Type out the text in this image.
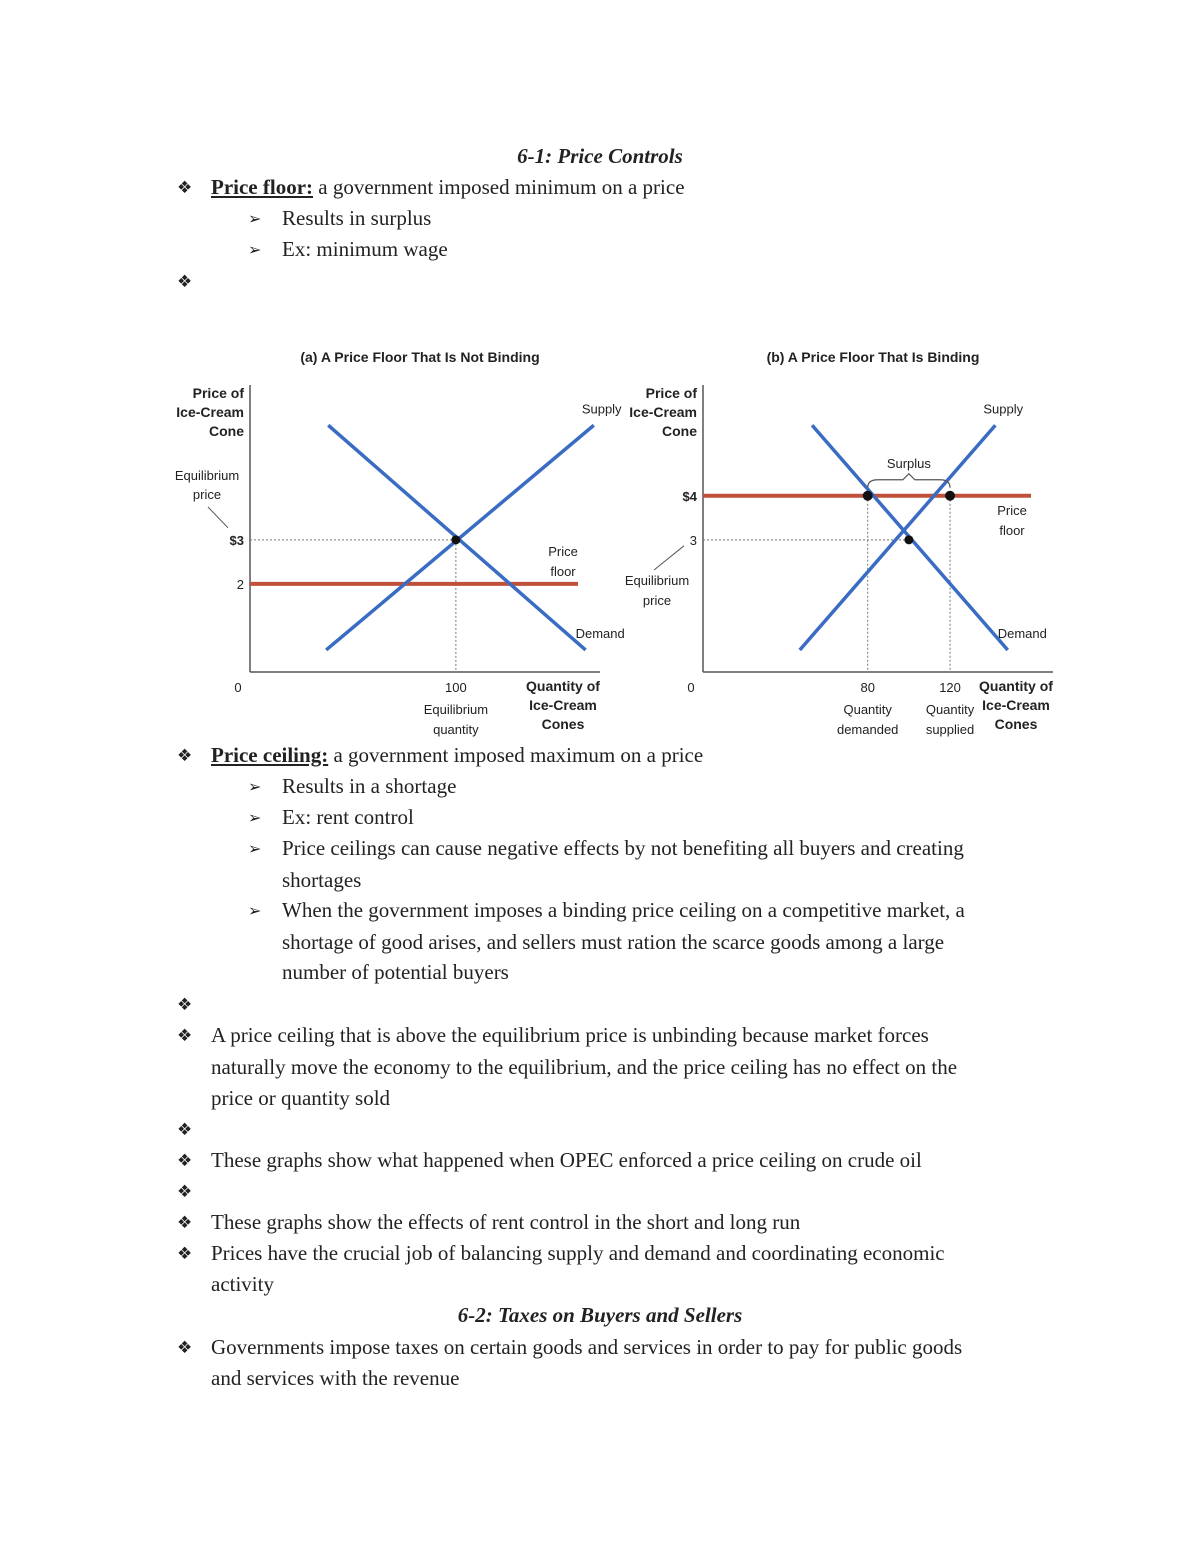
6-1: Price Controls
❖ Price floor: a government imposed minimum on a price
➢ Results in surplus
➢ Ex: minimum wage
❖
(a) A Price Floor That Is Not Binding
Price of
Ice-Cream
Cone
Quantity of
Ice-Cream
Cones
0
$3
2
100
Supply
Demand
Price
floor
Equilibrium
price
Equilibrium
quantity
(b) A Price Floor That Is Binding
Price of
Ice-Cream
Cone
Quantity of
Ice-Cream
Cones
0
$4
3
80	120
Supply
Demand
Price
floor
Equilibrium
price
Surplus
Quantity
demanded
Quantity
supplied
❖ Price ceiling: a government imposed maximum on a price
➢ Results in a shortage
➢ Ex: rent control
➢ Price ceilings can cause negative effects by not benefiting all buyers and creating
shortages
➢ When the government imposes a binding price ceiling on a competitive market, a
shortage of good arises, and sellers must ration the scarce goods among a large
number of potential buyers
❖
❖ A price ceiling that is above the equilibrium price is unbinding because market forces
naturally move the economy to the equilibrium, and the price ceiling has no effect on the
price or quantity sold
❖
❖ These graphs show what happened when OPEC enforced a price ceiling on crude oil
❖
❖ These graphs show the effects of rent control in the short and long run
❖ Prices have the crucial job of balancing supply and demand and coordinating economic
activity
6-2: Taxes on Buyers and Sellers
❖ Governments impose taxes on certain goods and services in order to pay for public goods
and services with the revenue
